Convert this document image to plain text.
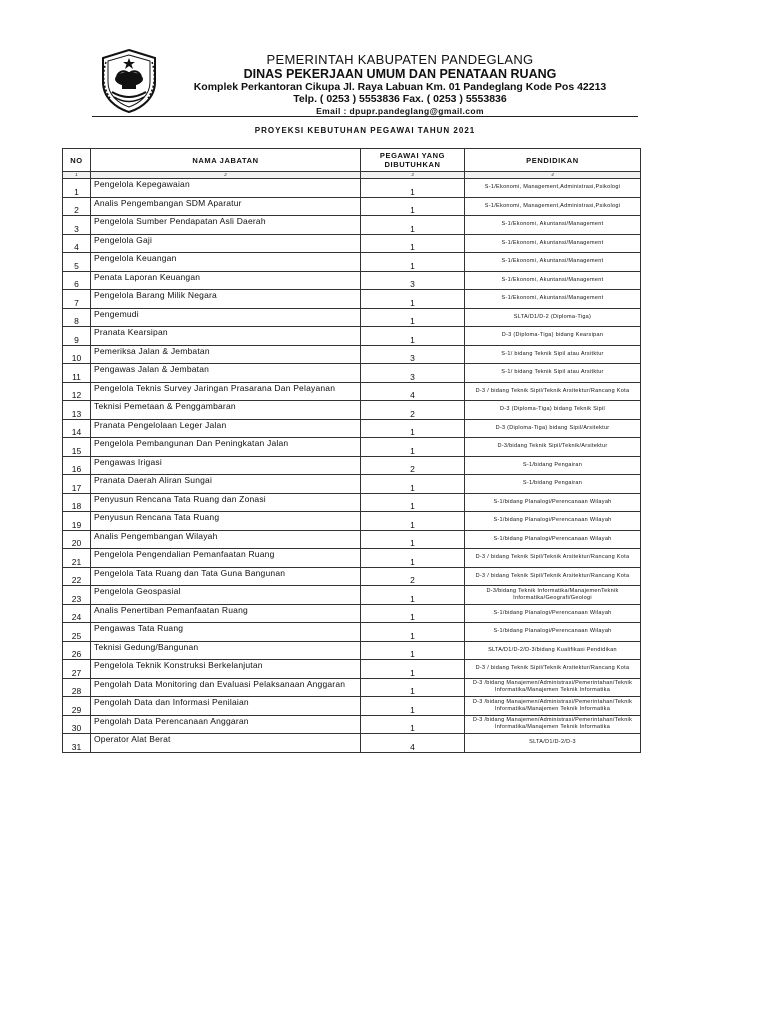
PEMERINTAH KABUPATEN PANDEGLANG
DINAS PEKERJAAN UMUM DAN PENATAAN RUANG
Komplek Perkantoran Cikupa Jl. Raya Labuan Km. 01 Pandeglang Kode Pos 42213
Telp. ( 0253 ) 5553836 Fax. ( 0253 ) 5553836
Email : dpupr.pandeglang@gmail.com
PROYEKSI KEBUTUHAN PEGAWAI TAHUN 2021
NO	NAMA JABATAN	PEGAWAI YANG DIBUTUHKAN	PENDIDIKAN
1	2	3	4
1	Pengelola Kepegawaian	1	S-1/Ekonomi, Management,Administrasi,Psikologi
2	Analis Pengembangan SDM Aparatur	1	S-1/Ekonomi, Management,Administrasi,Psikologi
3	Pengelola Sumber Pendapatan Asli Daerah	1	S-1/Ekonomi, Akuntansi/Management
4	Pengelola Gaji	1	S-1/Ekonomi, Akuntansi/Management
5	Pengelola Keuangan	1	S-1/Ekonomi, Akuntansi/Management
6	Penata Laporan Keuangan	3	S-1/Ekonomi, Akuntansi/Management
7	Pengelola Barang Milik Negara	1	S-1/Ekonomi, Akuntansi/Management
8	Pengemudi	1	SLTA/D1/D-2 (Diploma-Tiga)
9	Pranata Kearsipan	1	D-3 (Diploma-Tiga) bidang Kearsipan
10	Pemeriksa Jalan & Jembatan	3	S-1/ bidang Teknik Sipil atau Arsitktur
11	Pengawas Jalan & Jembatan	3	S-1/ bidang Teknik Sipil atau Arsitktur
12	Pengelola Teknis Survey Jaringan Prasarana Dan Pelayanan	4	D-3 / bidang Teknik Sipil/Teknik Arsitektur/Rancang Kota
13	Teknisi Pemetaan & Penggambaran	2	D-3 (Diploma-Tiga) bidang Teknik Sipil
14	Pranata Pengelolaan Leger Jalan	1	D-3 (Diploma-Tiga) bidang Sipil/Arsitektur
15	Pengelola Pembangunan Dan Peningkatan Jalan	1	D-3/bidang Teknik Sipil/Teknik/Arsitektur
16	Pengawas Irigasi	2	S-1/bidang Pengairan
17	Pranata Daerah Aliran Sungai	1	S-1/bidang Pengairan
18	Penyusun Rencana Tata Ruang dan Zonasi	1	S-1/bidang Planalogi/Perencanaan Wilayah
19	Penyusun Rencana Tata Ruang	1	S-1/bidang Planalogi/Perencanaan Wilayah
20	Analis Pengembangan Wilayah	1	S-1/bidang Planalogi/Perencanaan Wilayah
21	Pengelola Pengendalian Pemanfaatan Ruang	1	D-3 / bidang Teknik Sipil/Teknik Arsitektur/Rancang Kota
22	Pengelola Tata Ruang dan Tata Guna Bangunan	2	D-3 / bidang Teknik Sipil/Teknik Arsitektur/Rancang Kota
23	Pengelola Geospasial	1	D-3/bidang Teknik Informatika/ManajemenTeknik Informatika/Geografi/Geologi
24	Analis Penertiban Pemanfaatan Ruang	1	S-1/bidang Planalogi/Perencanaan Wilayah
25	Pengawas Tata Ruang	1	S-1/bidang Planalogi/Perencanaan Wilayah
26	Teknisi Gedung/Bangunan	1	SLTA/D1/D-2/D-3/bidang Kualifikasi Pendidikan
27	Pengelola Teknik Konstruksi Berkelanjutan	1	D-3 / bidang Teknik Sipil/Teknik Arsitektur/Rancang Kota
28	Pengolah Data Monitoring dan Evaluasi Pelaksanaan Anggaran	1	D-3 /bidang Manajemen/Administrasi/Pemerintahan/Teknik Informatika/Manajemen Teknik Informatika
29	Pengolah Data dan Informasi Penilaian	1	D-3 /bidang Manajemen/Administrasi/Pemerintahan/Teknik Informatika/Manajemen Teknik Informatika
30	Pengolah Data Perencanaan Anggaran	1	D-3 /bidang Manajemen/Administrasi/Pemerintahan/Teknik Informatika/Manajemen Teknik Informatika
31	Operator Alat Berat	4	SLTA/D1/D-2/D-3
